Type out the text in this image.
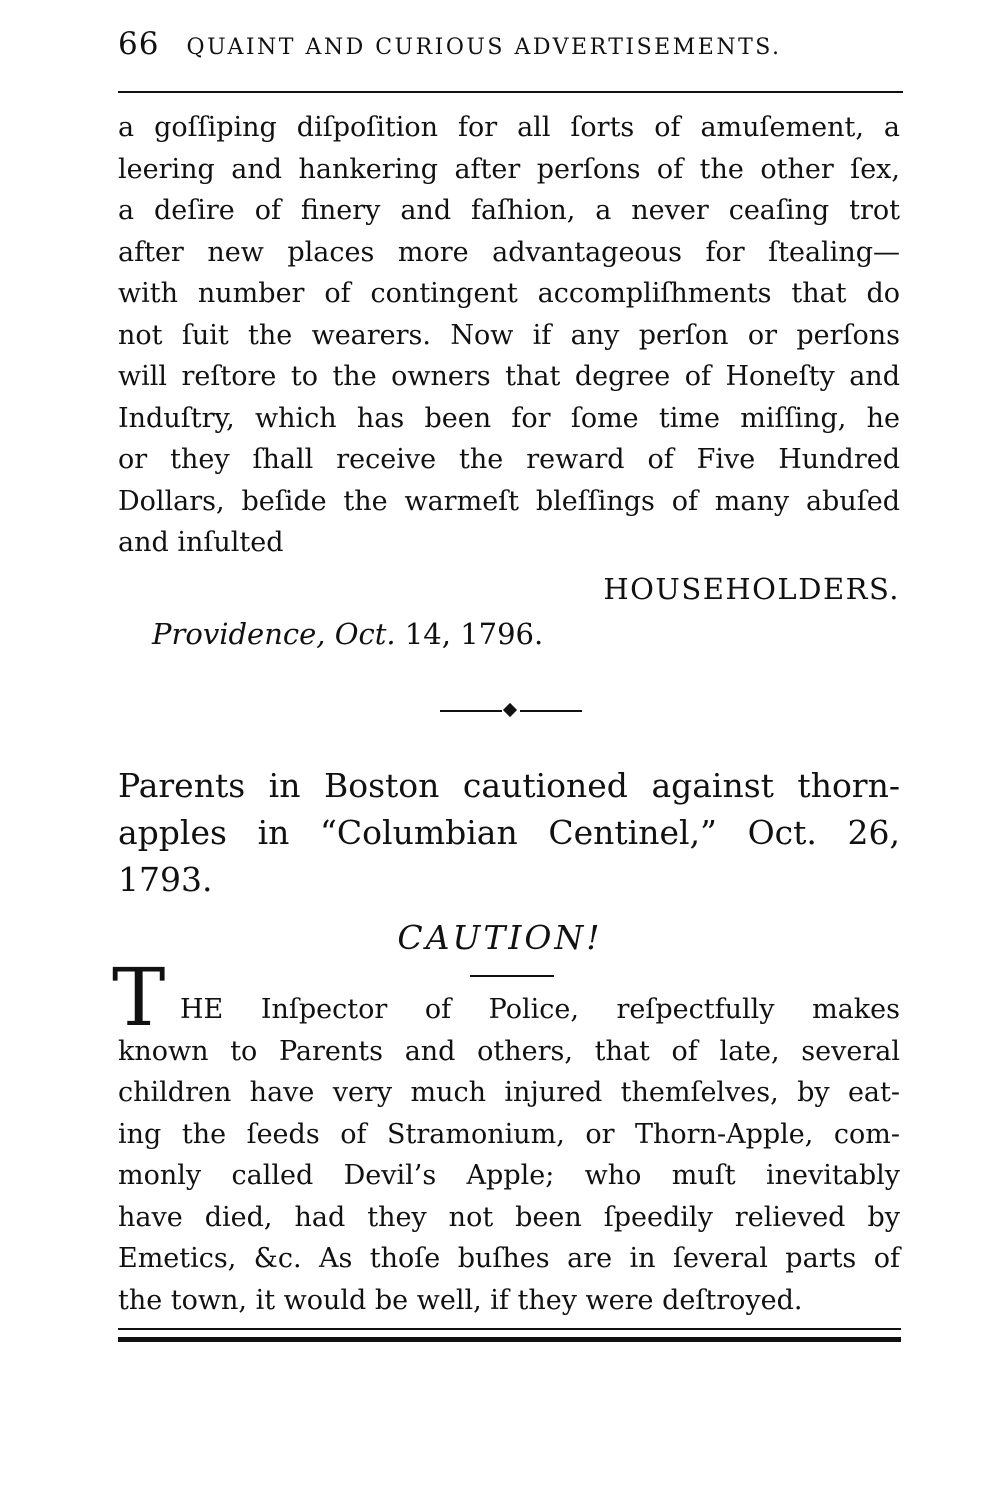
66 QUAINT AND CURIOUS ADVERTISEMENTS.
a goſſiping diſpoſition for all ſorts of amuſement, a
leering and hankering after perſons of the other ſex,
a deſire of finery and faſhion, a never ceaſing trot
after new places more advantageous for ſtealing—
with number of contingent accompliſhments that do
not ſuit the wearers. Now if any perſon or perſons
will reſtore to the owners that degree of Honeſty and
Induſtry, which has been for ſome time miſſing, he
or they ſhall receive the reward of Five Hundred
Dollars, beſide the warmeſt bleſſings of many abuſed
and inſulted
HOUSEHOLDERS.
Providence, Oct. 14, 1796.
Parents in Boston cautioned against thorn-
apples in “Columbian Centinel,” Oct. 26,
1793.
CAUTION!
T HE Inſpector of Police, reſpectfully makes
known to Parents and others, that of late, several
children have very much injured themſelves, by eat-
ing the ſeeds of Stramonium, or Thorn-Apple, com-
monly called Devil’s Apple; who muſt inevitably
have died, had they not been ſpeedily relieved by
Emetics, &c. As thoſe buſhes are in ſeveral parts of
the town, it would be well, if they were deſtroyed.
